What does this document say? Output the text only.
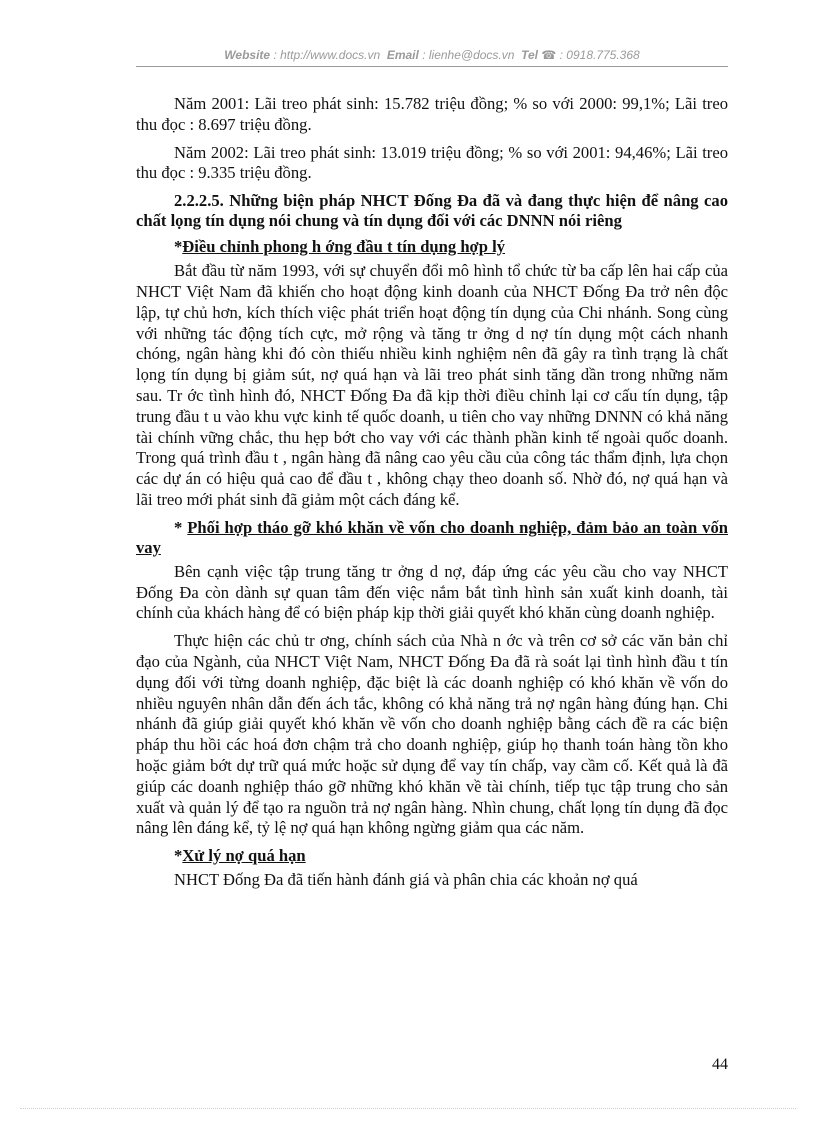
Website : http://www.docs.vn Email : lienhe@docs.vn Tel ☎ : 0918.775.368

Năm 2001: Lãi treo phát sinh: 15.782 triệu đồng; % so với 2000: 99,1%; Lãi treo thu đọc : 8.697 triệu đồng.

Năm 2002: Lãi treo phát sinh: 13.019 triệu đồng; % so với 2001: 94,46%; Lãi treo thu đọc : 9.335 triệu đồng.

2.2.2.5. Những biện pháp NHCT Đống Đa đã và đang thực hiện để nâng cao chất lọng tín dụng nói chung và tín dụng đối với các DNNN nói riêng
*Điều chỉnh phong h ớng đầu t tín dụng hợp lý

Bắt đầu từ năm 1993, với sự chuyển đổi mô hình tổ chức từ ba cấp lên hai cấp của NHCT Việt Nam đã khiến cho hoạt động kinh doanh của NHCT Đống Đa trở nên độc lập, tự chủ hơn, kích thích việc phát triển hoạt động tín dụng của Chi nhánh. Song cùng với những tác động tích cực, mở rộng và tăng tr ởng d nợ tín dụng một cách nhanh chóng, ngân hàng khi đó còn thiếu nhiều kinh nghiệm nên đã gây ra tình trạng là chất lọng tín dụng bị giảm sút, nợ quá hạn và lãi treo phát sinh tăng dần trong những năm sau. Tr ớc tình hình đó, NHCT Đống Đa đã kịp thời điều chỉnh lại cơ cấu tín dụng, tập trung đầu t u vào khu vực kinh tế quốc doanh, u tiên cho vay những DNNN có khả năng tài chính vững chắc, thu hẹp bớt cho vay với các thành phần kinh tế ngoài quốc doanh. Trong quá trình đầu t , ngân hàng đã nâng cao yêu cầu của công tác thẩm định, lựa chọn các dự án có hiệu quả cao để đầu t , không chạy theo doanh số. Nhờ đó, nợ quá hạn và lãi treo mới phát sinh đã giảm một cách đáng kể.

* Phối hợp tháo gỡ khó khăn về vốn cho doanh nghiệp, đảm bảo an toàn vốn vay

Bên cạnh việc tập trung tăng tr ởng d nợ, đáp ứng các yêu cầu cho vay NHCT Đống Đa còn dành sự quan tâm đến việc nắm bắt tình hình sản xuất kinh doanh, tài chính của khách hàng để có biện pháp kịp thời giải quyết khó khăn cùng doanh nghiệp.

Thực hiện các chủ tr ơng, chính sách của Nhà n ớc và trên cơ sở các văn bản chỉ đạo của Ngành, của NHCT Việt Nam, NHCT Đống Đa đã rà soát lại tình hình đầu t tín dụng đối với từng doanh nghiệp, đặc biệt là các doanh nghiệp có khó khăn về vốn do nhiều nguyên nhân dẫn đến ách tắc, không có khả năng trả nợ ngân hàng đúng hạn. Chi nhánh đã giúp giải quyết khó khăn về vốn cho doanh nghiệp bằng cách đề ra các biện pháp thu hồi các hoá đơn chậm trả cho doanh nghiệp, giúp họ thanh toán hàng tồn kho hoặc giảm bớt dự trữ quá mức hoặc sử dụng để vay tín chấp, vay cầm cố. Kết quả là đã giúp các doanh nghiệp tháo gỡ những khó khăn về tài chính, tiếp tục tập trung cho sản xuất và quản lý để tạo ra nguồn trả nợ ngân hàng. Nhìn chung, chất lọng tín dụng đã đọc nâng lên đáng kể, tỷ lệ nợ quá hạn không ngừng giảm qua các năm.

*Xử lý nợ quá hạn

NHCT Đống Đa đã tiến hành đánh giá và phân chia các khoản nợ quá

44
